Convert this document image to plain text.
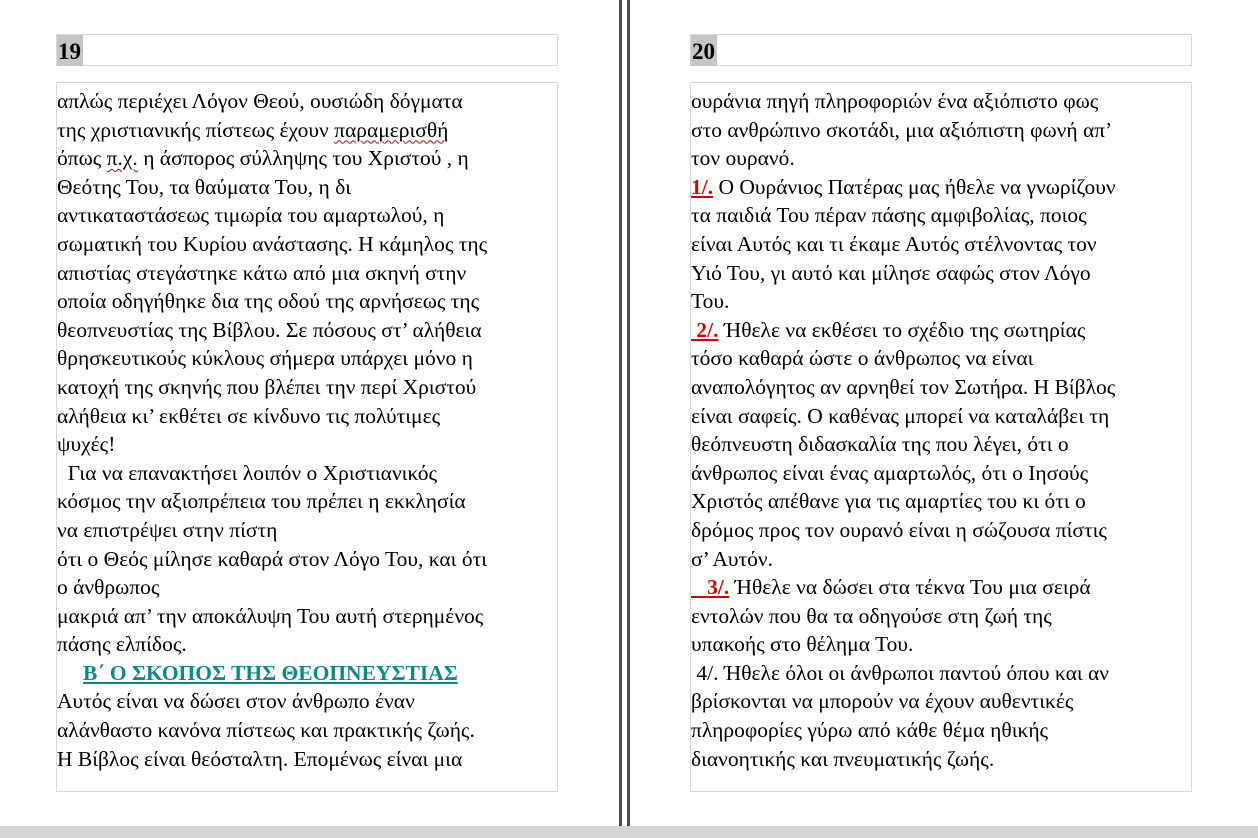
19
απλώς περιέχει Λόγον Θεού, ουσιώδη δόγματα
της χριστιανικής πίστεως έχουν παραμερισθή
όπως π.χ. η άσπορος σύλληψης του Χριστού , η
Θεότης Του, τα θαύματα Του, η δι
αντικαταστάσεως τιμωρία του αμαρτωλού, η
σωματική του Κυρίου ανάστασης. Η κάμηλος της
απιστίας στεγάστηκε κάτω από μια σκηνή στην
οποία οδηγήθηκε δια της οδού της αρνήσεως της
θεοπνευστίας της Βίβλου. Σε πόσους στ’ αλήθεια
θρησκευτικούς κύκλους σήμερα υπάρχει μόνο η
κατοχή της σκηνής που βλέπει την περί Χριστού
αλήθεια κι’ εκθέτει σε κίνδυνο τις πολύτιμες
ψυχές!
Για να επανακτήσει λοιπόν ο Χριστιανικός
κόσμος την αξιοπρέπεια του πρέπει η εκκλησία
να επιστρέψει στην πίστη
ότι ο Θεός μίλησε καθαρά στον Λόγο Του, και ότι
ο άνθρωπος
μακριά απ’ την αποκάλυψη Του αυτή στερημένος
πάσης ελπίδος.
Β΄ Ο ΣΚΟΠΟΣ ΤΗΣ ΘΕΟΠΝΕΥΣΤΙΑΣ
Αυτός είναι να δώσει στον άνθρωπο έναν
αλάνθαστο κανόνα πίστεως και πρακτικής ζωής.
Η Βίβλος είναι θεόσταλτη. Επομένως είναι μια
20
ουράνια πηγή πληροφοριών ένα αξιόπιστο φως
στο ανθρώπινο σκοτάδι, μια αξιόπιστη φωνή απ’
τον ουρανό.
1/. Ο Ουράνιος Πατέρας μας ήθελε να γνωρίζουν
τα παιδιά Του πέραν πάσης αμφιβολίας, ποιος
είναι Αυτός και τι έκαμε Αυτός στέλνοντας τον
Υιό Του, γι αυτό και μίλησε σαφώς στον Λόγο
Του.
2/. Ήθελε να εκθέσει το σχέδιο της σωτηρίας
τόσο καθαρά ώστε ο άνθρωπος να είναι
αναπολόγητος αν αρνηθεί τον Σωτήρα. Η Βίβλος
είναι σαφείς. Ο καθένας μπορεί να καταλάβει τη
θεόπνευστη διδασκαλία της που λέγει, ότι ο
άνθρωπος είναι ένας αμαρτωλός, ότι ο Ιησούς
Χριστός απέθανε για τις αμαρτίες του κι ότι ο
δρόμος προς τον ουρανό είναι η σώζουσα πίστις
σ’ Αυτόν.
3/. Ήθελε να δώσει στα τέκνα Του μια σειρά
εντολών που θα τα οδηγούσε στη ζωή της
υπακοής στο θέλημα Του.
4/. Ήθελε όλοι οι άνθρωποι παντού όπου και αν
βρίσκονται να μπορούν να έχουν αυθεντικές
πληροφορίες γύρω από κάθε θέμα ηθικής
διανοητικής και πνευματικής ζωής.
